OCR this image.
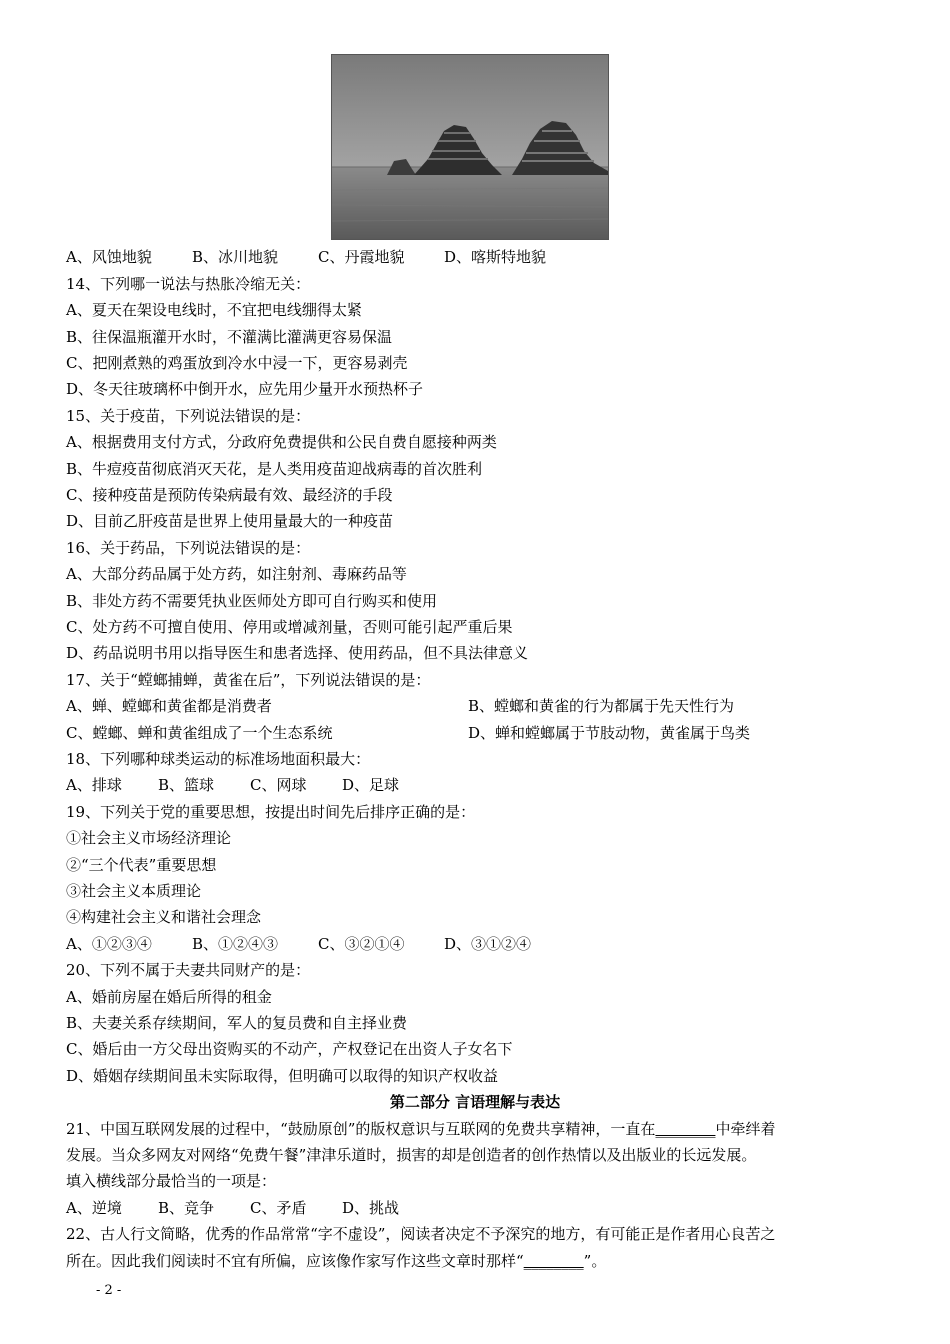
A、风蚀地貌	B、冰川地貌	C、丹霞地貌	D、喀斯特地貌
14、下列哪一说法与热胀冷缩无关：
A、夏天在架设电线时，不宜把电线绷得太紧
B、往保温瓶灌开水时，不灌满比灌满更容易保温
C、把刚煮熟的鸡蛋放到冷水中浸一下，更容易剥壳
D、冬天往玻璃杯中倒开水，应先用少量开水预热杯子
15、关于疫苗，下列说法错误的是：
A、根据费用支付方式，分政府免费提供和公民自费自愿接种两类
B、牛痘疫苗彻底消灭天花，是人类用疫苗迎战病毒的首次胜利
C、接种疫苗是预防传染病最有效、最经济的手段
D、目前乙肝疫苗是世界上使用量最大的一种疫苗
16、关于药品，下列说法错误的是：
A、大部分药品属于处方药，如注射剂、毒麻药品等
B、非处方药不需要凭执业医师处方即可自行购买和使用
C、处方药不可擅自使用、停用或增减剂量，否则可能引起严重后果
D、药品说明书用以指导医生和患者选择、使用药品，但不具法律意义
17、关于“螳螂捕蝉，黄雀在后”，下列说法错误的是：
A、蝉、螳螂和黄雀都是消费者	B、螳螂和黄雀的行为都属于先天性行为
C、螳螂、蝉和黄雀组成了一个生态系统	D、蝉和螳螂属于节肢动物，黄雀属于鸟类
18、下列哪种球类运动的标准场地面积最大：
A、排球 B、篮球 C、网球 D、足球
19、下列关于党的重要思想，按提出时间先后排序正确的是：
①社会主义市场经济理论
②“三个代表”重要思想
③社会主义本质理论
④构建社会主义和谐社会理念
A、①②③④	B、①②④③	C、③②①④	D、③①②④
20、下列不属于夫妻共同财产的是：
A、婚前房屋在婚后所得的租金
B、夫妻关系存续期间，军人的复员费和自主择业费
C、婚后由一方父母出资购买的不动产，产权登记在出资人子女名下
D、婚姻存续期间虽未实际取得，但明确可以取得的知识产权收益
第二部分 言语理解与表达
21、中国互联网发展的过程中，“鼓励原创”的版权意识与互联网的免费共享精神，一直在________中牵绊着
发展。当众多网友对网络“免费午餐”津津乐道时，损害的却是创造者的创作热情以及出版业的长远发展。
填入横线部分最恰当的一项是：
A、逆境 B、竞争 C、矛盾 D、挑战
22、古人行文简略，优秀的作品常常“字不虚设”，阅读者决定不予深究的地方，有可能正是作者用心良苦之
所在。因此我们阅读时不宜有所偏，应该像作家写作这些文章时那样“________”。
- 2 -
